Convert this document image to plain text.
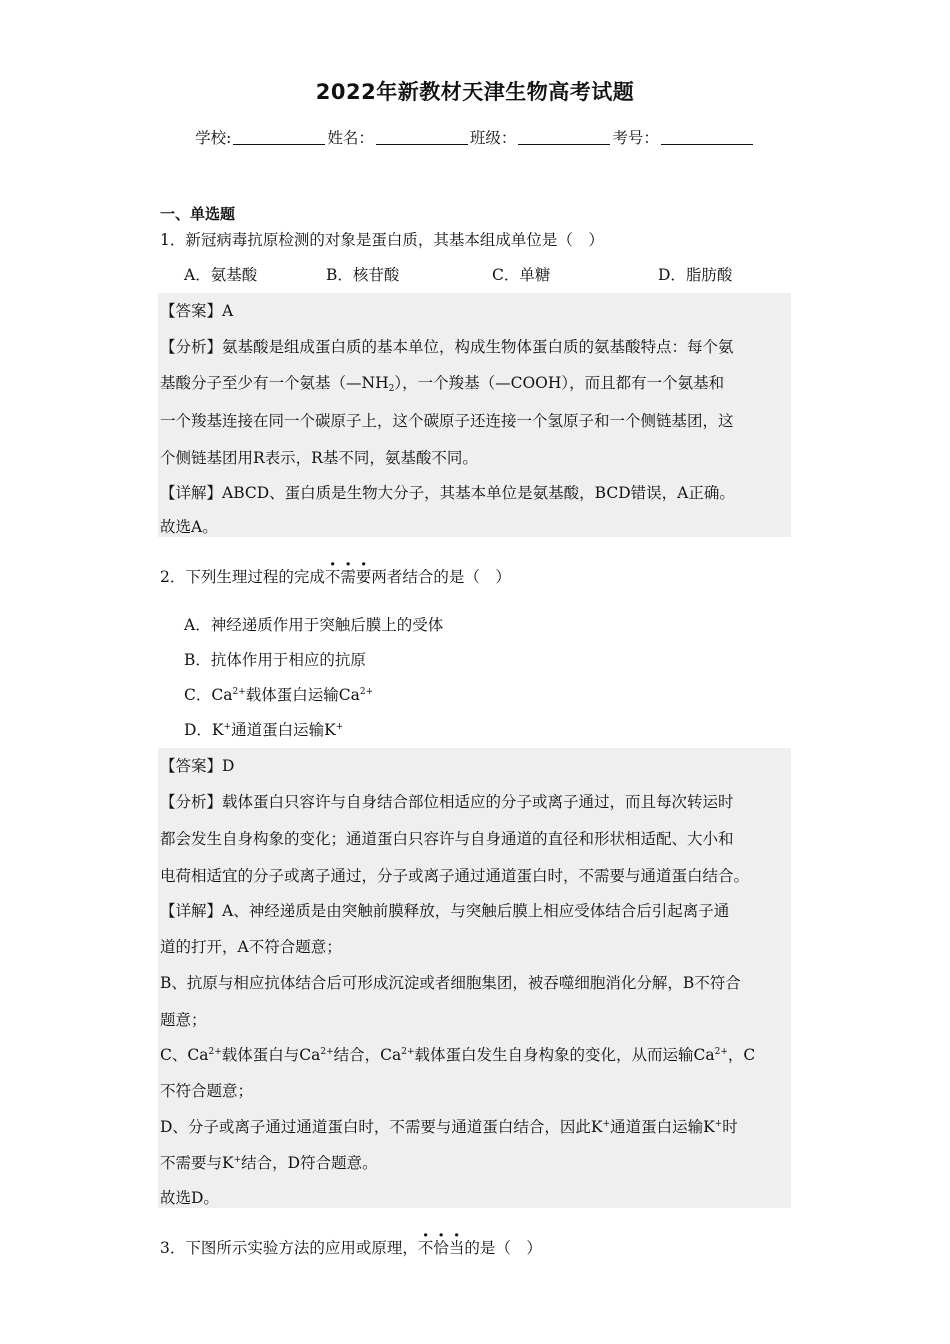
2022年新教材天津生物高考试题
学校:	姓名：	班级：	考号：
一、单选题
1．新冠病毒抗原检测的对象是蛋白质，其基本组成单位是（　）
A．氨基酸	B．核苷酸	C．单糖	D．脂肪酸
【答案】A
【分析】氨基酸是组成蛋白质的基本单位，构成生物体蛋白质的氨基酸特点：每个氨
基酸分子至少有一个氨基$(—NH_2)$，一个羧基（—COOH），而且都有一个氨基和
一个羧基连接在同一个碳原子上，这个碳原子还连接一个氢原子和一个侧链基团，这
个侧链基团用R表示，R基不同，氨基酸不同。
【详解】ABCD、蛋白质是生物大分子，其基本单位是氨基酸，BCD错误，A正确。
故选A。
2．下列生理过程的完成不需要两者结合的是（　）
A．神经递质作用于突触后膜上的受体
B．抗体作用于相应的抗原
C．$Ca^{2+}$载体蛋白运输$Ca^{2+}$
D．K+通道蛋白运输K+
【答案】D
【分析】载体蛋白只容许与自身结合部位相适应的分子或离子通过，而且每次转运时
都会发生自身构象的变化；通道蛋白只容许与自身通道的直径和形状相适配、大小和
电荷相适宜的分子或离子通过，分子或离子通过通道蛋白时，不需要与通道蛋白结合。
【详解】A、神经递质是由突触前膜释放，与突触后膜上相应受体结合后引起离子通
道的打开，A不符合题意；
B、抗原与相应抗体结合后可形成沉淀或者细胞集团，被吞噬细胞消化分解，B不符合
题意；
C、$Ca^{2+}$载体蛋白与$Ca^{2+}$结合，$Ca^{2+}$载体蛋白发生自身构象的变化，从而运输$Ca^{2+}$，C
不符合题意；
D、分子或离子通过通道蛋白时，不需要与通道蛋白结合，因此K+通道蛋白运输K+时
不需要与K+结合，D符合题意。
故选D。
3．下图所示实验方法的应用或原理，不恰当的是（　）
